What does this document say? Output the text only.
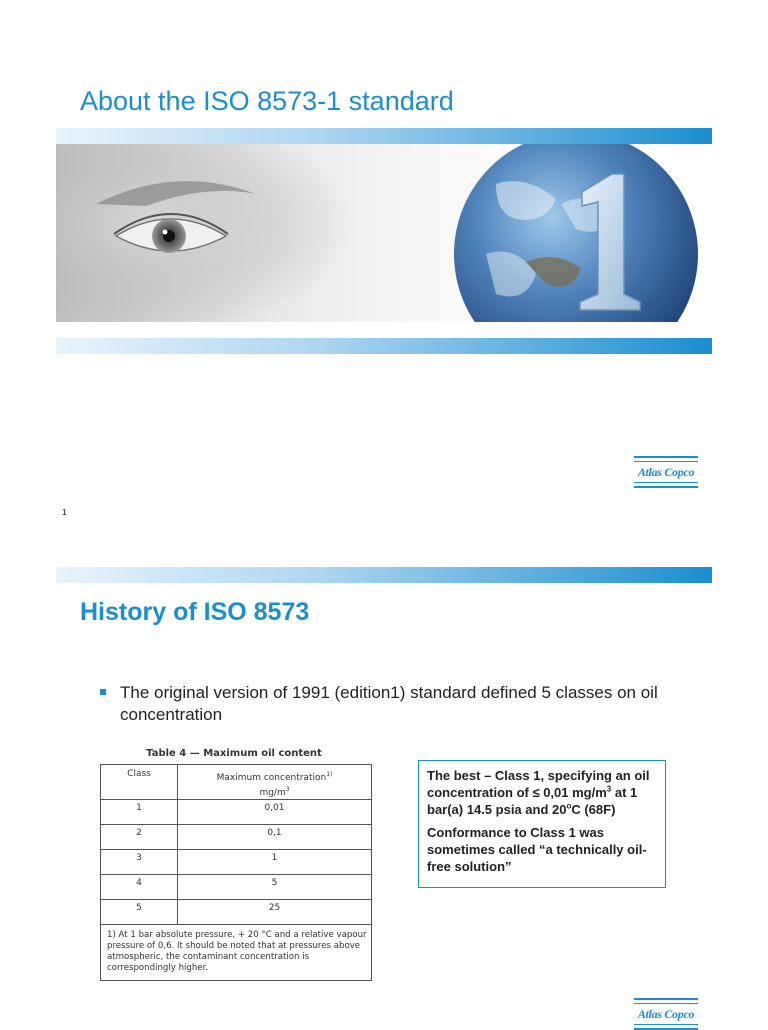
About the ISO 8573-1 standard
Atlas Copco
1
History of ISO 8573
The original version of 1991 (edition1) standard defined 5 classes on oil concentration
Table 4 — Maximum oil content
Class	Maximum concentration$^{1)}$
$mg/m^3$
1	0,01
2	0,1
3	1
4	5
5	25
1) At 1 bar absolute pressure, + 20 °C and a relative vapour pressure of 0,6. It should be noted that at pressures above atmospheric, the contaminant concentration is correspondingly higher.	

The best – Class 1, specifying an oil concentration of ≤ 0,01 $mg/m^3$ at 1 bar(a) 14.5 psia and 20$^o$C (68F)

Conformance to Class 1 was sometimes called “a technically oil-free solution”

Atlas Copco
